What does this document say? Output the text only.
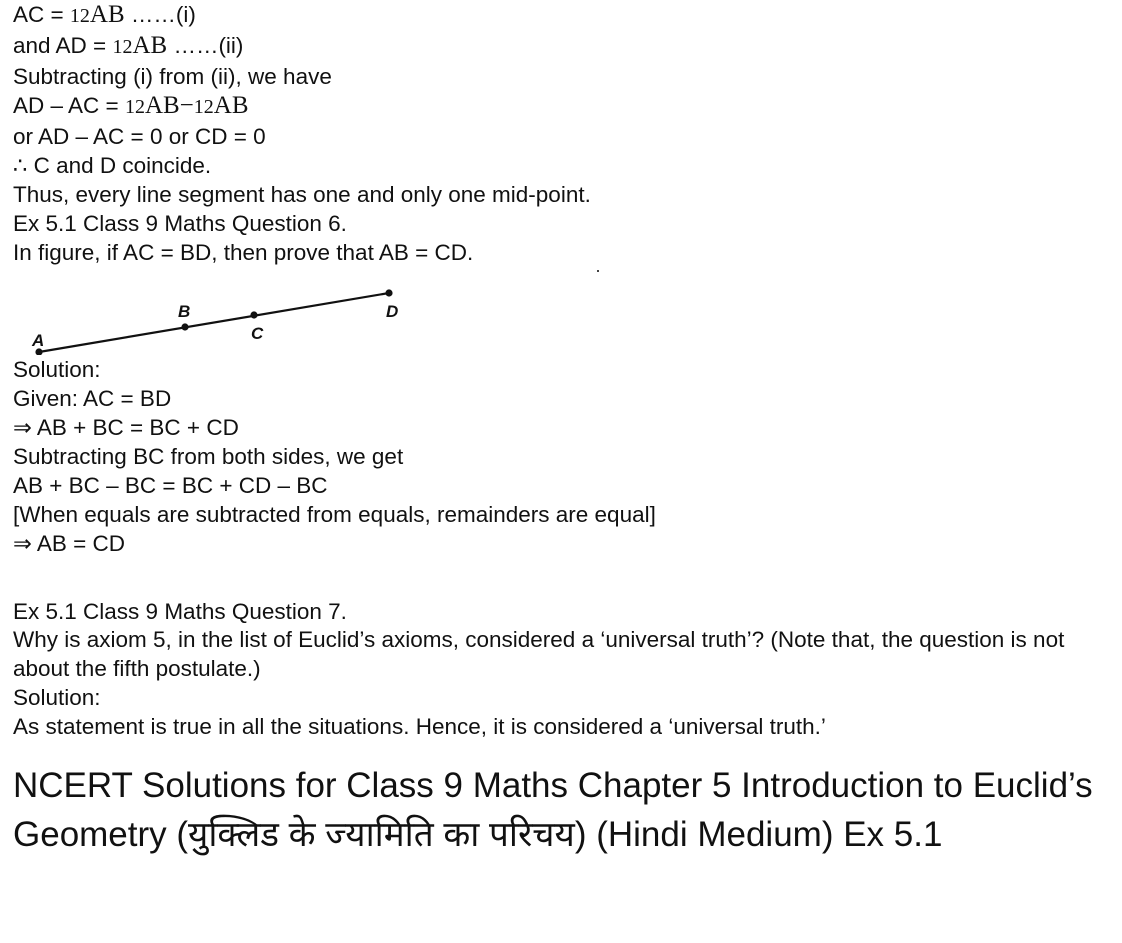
AC = 12AB ……(i)

and AD = 12AB ……(ii)

Subtracting (i) from (ii), we have

AD – AC = 12AB−12AB

or AD – AC = 0 or CD = 0

∴ C and D coincide.

Thus, every line segment has one and only one mid-point.

Ex 5.1 Class 9 Maths Question 6.

In figure, if AC = BD, then prove that AB = CD.

A
B
C
D

Solution:

Given: AC = BD

⇒ AB + BC = BC + CD

Subtracting BC from both sides, we get

AB + BC – BC = BC + CD – BC

[When equals are subtracted from equals, remainders are equal]

⇒ AB = CD

Ex 5.1 Class 9 Maths Question 7.

Why is axiom 5, in the list of Euclid’s axioms, considered a ‘universal truth’? (Note that, the question is not about the fifth postulate.)

Solution:

As statement is true in all the situations. Hence, it is considered a ‘universal truth.’

NCERT Solutions for Class 9 Maths Chapter 5 Introduction to Euclid’s Geometry (युक्लिड के ज्यामिति का परिचय) (Hindi Medium) Ex 5.1
